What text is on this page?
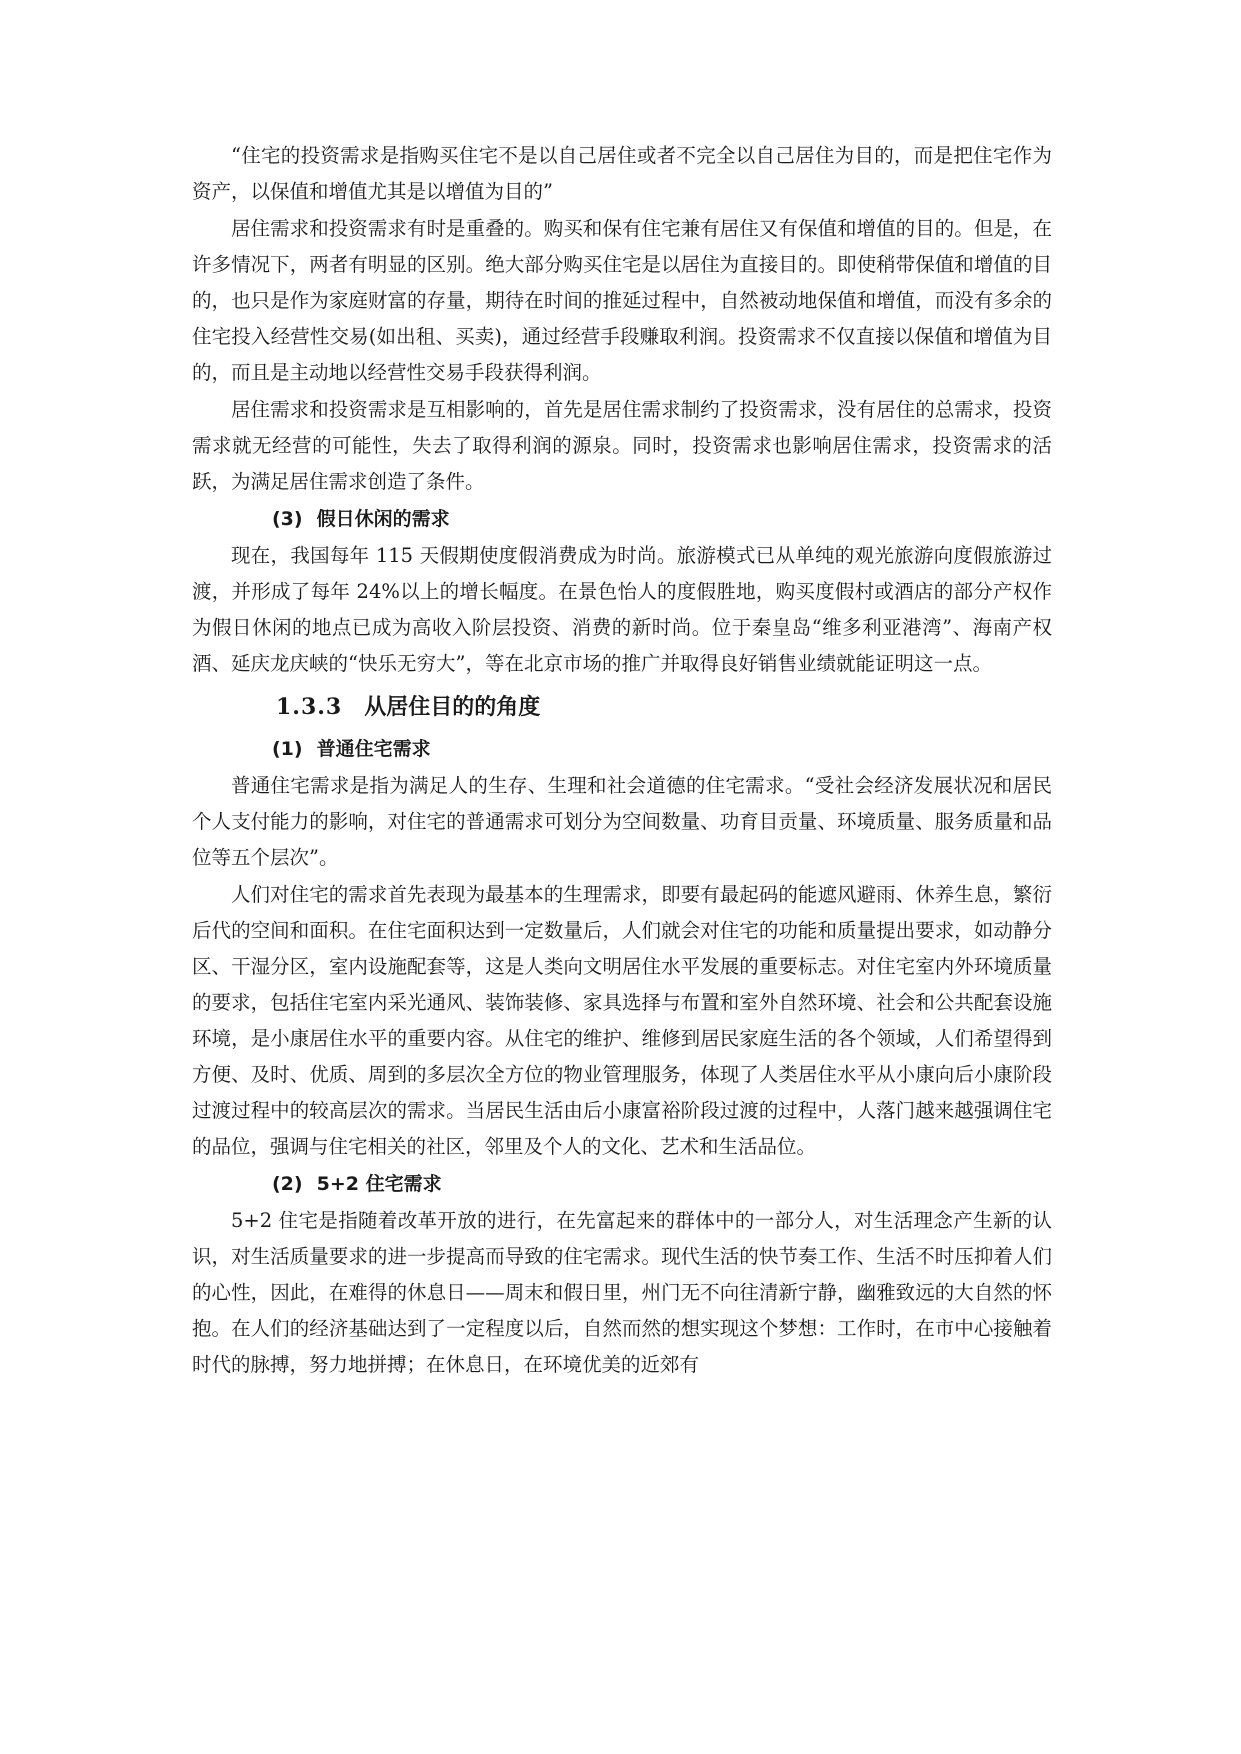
“住宅的投资需求是指购买住宅不是以自己居住或者不完全以自己居住为目的，而是把住宅作为资产，以保值和增值尤其是以增值为目的”

居住需求和投资需求有时是重叠的。购买和保有住宅兼有居住又有保值和增值的目的。但是，在许多情况下，两者有明显的区别。绝大部分购买住宅是以居住为直接目的。即使稍带保值和增值的目的，也只是作为家庭财富的存量，期待在时间的推延过程中，自然被动地保值和增值，而没有多余的住宅投入经营性交易(如出租、买卖)，通过经营手段赚取利润。投资需求不仅直接以保值和增值为目的，而且是主动地以经营性交易手段获得利润。

居住需求和投资需求是互相影响的，首先是居住需求制约了投资需求，没有居住的总需求，投资需求就无经营的可能性，失去了取得利润的源泉。同时，投资需求也影响居住需求，投资需求的活跃，为满足居住需求创造了条件。

(3) 假日休闲的需求

现在，我国每年 115 天假期使度假消费成为时尚。旅游模式已从单纯的观光旅游向度假旅游过渡，并形成了每年 24%以上的增长幅度。在景色怡人的度假胜地，购买度假村或酒店的部分产权作为假日休闲的地点已成为高收入阶层投资、消费的新时尚。位于秦皇岛“维多利亚港湾”、海南产权酒、延庆龙庆峡的“快乐无穷大”，等在北京市场的推广并取得良好销售业绩就能证明这一点。

1.3.3 从居住目的的角度
(1) 普通住宅需求

普通住宅需求是指为满足人的生存、生理和社会道德的住宅需求。“受社会经济发展状况和居民个人支付能力的影响，对住宅的普通需求可划分为空间数量、功育目贡量、环境质量、服务质量和品位等五个层次”。

人们对住宅的需求首先表现为最基本的生理需求，即要有最起码的能遮风避雨、休养生息，繁衍后代的空间和面积。在住宅面积达到一定数量后，人们就会对住宅的功能和质量提出要求，如动静分区、干湿分区，室内设施配套等，这是人类向文明居住水平发展的重要标志。对住宅室内外环境质量的要求，包括住宅室内采光通风、装饰装修、家具选择与布置和室外自然环境、社会和公共配套设施环境，是小康居住水平的重要内容。从住宅的维护、维修到居民家庭生活的各个领域，人们希望得到方便、及时、优质、周到的多层次全方位的物业管理服务，体现了人类居住水平从小康向后小康阶段过渡过程中的较高层次的需求。当居民生活由后小康富裕阶段过渡的过程中，人落门越来越强调住宅的品位，强调与住宅相关的社区，邻里及个人的文化、艺术和生活品位。

(2) 5+2 住宅需求

5+2 住宅是指随着改革开放的进行，在先富起来的群体中的一部分人，对生活理念产生新的认识，对生活质量要求的进一步提高而导致的住宅需求。现代生活的快节奏工作、生活不时压抑着人们的心性，因此，在难得的休息日——周末和假日里，州门无不向往清新宁静，幽雅致远的大自然的怀抱。在人们的经济基础达到了一定程度以后，自然而然的想实现这个梦想：工作时，在市中心接触着时代的脉搏，努力地拼搏；在休息日，在环境优美的近郊有
